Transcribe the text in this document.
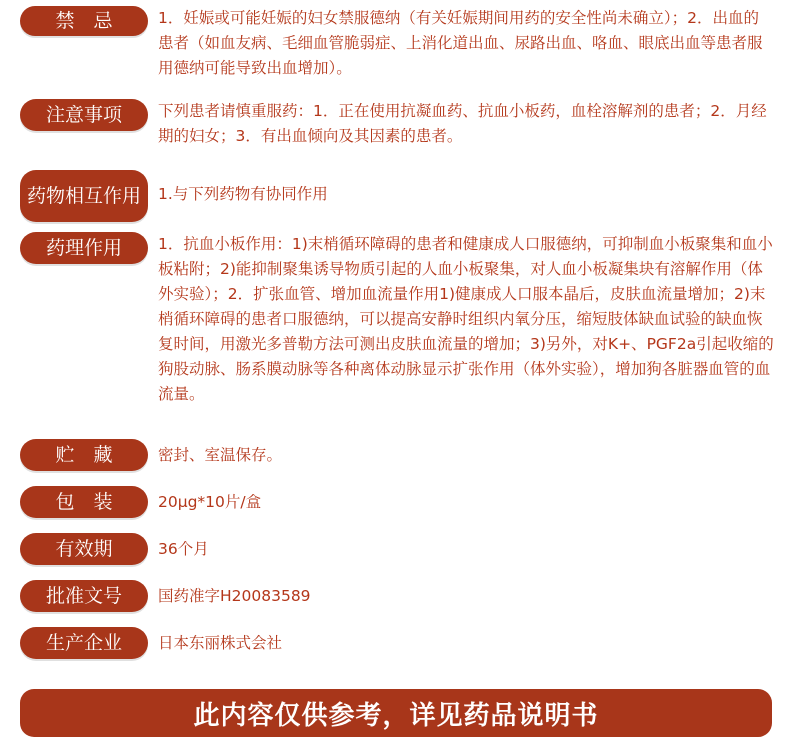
禁　忌	1．妊娠或可能妊娠的妇女禁服德纳（有关妊娠期间用药的安全性尚未确立）；2．出血的患者（如血友病、毛细血管脆弱症、上消化道出血、尿路出血、咯血、眼底出血等患者服用德纳可能导致出血增加）。
注意事项 下列患者请慎重服药：1．正在使用抗凝血药、抗血小板药，血栓溶解剂的患者；2．月经期的妇女；3．有出血倾向及其因素的患者。
药物相互作用 1.与下列药物有协同作用
药理作用 1．抗血小板作用：1)末梢循环障碍的患者和健康成人口服德纳，可抑制血小板聚集和血小板粘附；2)能抑制聚集诱导物质引起的人血小板聚集，对人血小板凝集块有溶解作用（体外实验）；2．扩张血管、增加血流量作用1)健康成人口服本晶后，皮肤血流量增加；2)末梢循环障碍的患者口服德纳，可以提高安静时组织内氧分压，缩短肢体缺血试验的缺血恢复时间，用激光多普勒方法可测出皮肤血流量的增加；3)另外，对K+、PGF2a引起收缩的狗股动脉、肠系膜动脉等各种离体动脉显示扩张作用（体外实验），增加狗各脏器血管的血流量。
贮　藏	密封、室温保存。
包　装	20μg*10片/盒
有效期	36个月
批准文号 国药准字H20083589
生产企业 日本东丽株式会社
此内容仅供参考，详见药品说明书
